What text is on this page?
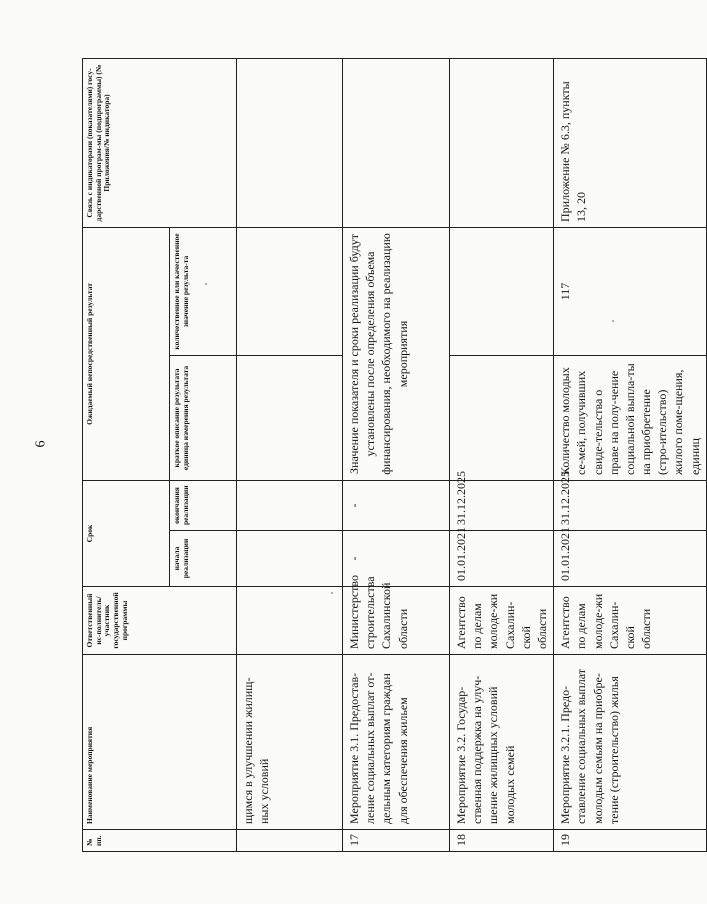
6
№ пп.	Наименование мероприятия	Ответственный ис-полнитель/участник государственной программы	Срок		Ожидаемый непосредственный результат		Связь с индикаторами (показателями) госу-дарственной програм-мы (подпрограммы) (№ Приложения/№ индикатора)
			начала реализации	окончания реализации	краткое описание результата единица измерения результата	количественное или качественное значение результа-та	
	щимся в улучшении жилищ-ных условий						
17	Мероприятие 3.1. Предостав-ление социальных выплат от-дельным категориям граждан для обеспечения жильем	Министерство строительства Сахалинской области	-	-	Значение показателя и сроки реализации будут установлены после определения объема финансирования, необходимого на реализацию мероприятия		
18	Мероприятие 3.2. Государ-ственная поддержка на улуч-шение жилищных условий молодых семей	Агентство по делам молоде-жи Сахалин-ской области	01.01.2021	31.12.2025			
19	Мероприятие 3.2.1. Предо-ставление социальных выплат молодым семьям на приобре-тение (строительство) жилья	Агентство по делам молоде-жи Сахалин-ской области	01.01.2021	31.12.2025	Количество молодых се-мей, получивших свиде-тельства о праве на полу-чение социальной выпла-ты на приобретение (стро-ительство) жилого поме-щения, единиц	117	Приложение № 6.3, пункты 13, 20
